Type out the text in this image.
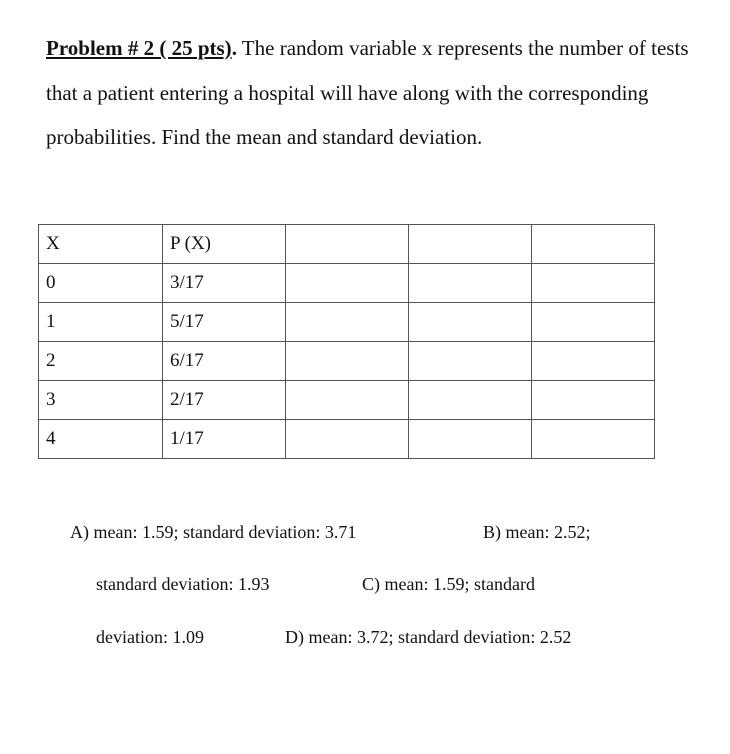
Problem # 2 ( 25 pts). The random variable x represents the number of tests that a patient entering a hospital will have along with the corresponding probabilities. Find the mean and standard deviation.
X	P (X)			
0	3/17			
1	5/17			
2	6/17			
3	2/17			
4	1/17			
A) mean: 1.59; standard deviation: 3.71	B) mean: 2.52;
standard deviation: 1.93	C) mean: 1.59; standard
deviation: 1.09	D) mean: 3.72; standard deviation: 2.52
